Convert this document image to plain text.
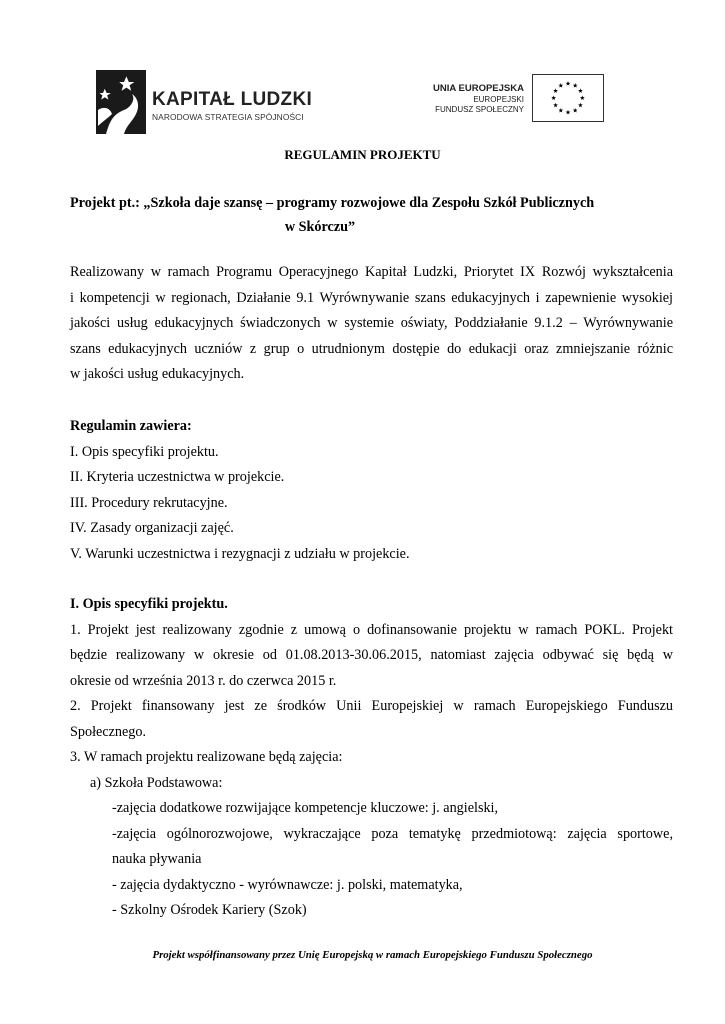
KAPITAŁ LUDZKI
NARODOWA STRATEGIA SPÓJNOŚCI
UNIA EUROPEJSKA
EUROPEJSKI
FUNDUSZ SPOŁECZNY
REGULAMIN PROJEKTU
Projekt pt.: „Szkoła daje szansę – programy rozwojowe dla Zespołu Szkół Publicznych
w Skórczu”
Realizowany w ramach Programu Operacyjnego Kapitał Ludzki, Priorytet IX Rozwój wykształcenia
i kompetencji w regionach, Działanie 9.1 Wyrównywanie szans edukacyjnych i zapewnienie wysokiej
jakości usług edukacyjnych świadczonych w systemie oświaty, Poddziałanie 9.1.2 – Wyrównywanie
szans edukacyjnych uczniów z grup o utrudnionym dostępie do edukacji oraz zmniejszanie różnic
w jakości usług edukacyjnych.
Regulamin zawiera:
I. Opis specyfiki projektu.
II. Kryteria uczestnictwa w projekcie.
III. Procedury rekrutacyjne.
IV. Zasady organizacji zajęć.
V. Warunki uczestnictwa i rezygnacji z udziału w projekcie.
I. Opis specyfiki projektu.
1. Projekt jest realizowany zgodnie z umową o dofinansowanie projektu w ramach POKL. Projekt
będzie realizowany w okresie od 01.08.2013-30.06.2015, natomiast zajęcia odbywać się będą w
okresie od września 2013 r. do czerwca 2015 r.
2. Projekt finansowany jest ze środków Unii Europejskiej w ramach Europejskiego Funduszu
Społecznego.
3. W ramach projektu realizowane będą zajęcia:
a) Szkoła Podstawowa:
-zajęcia dodatkowe rozwijające kompetencje kluczowe: j. angielski,
-zajęcia ogólnorozwojowe, wykraczające poza tematykę przedmiotową: zajęcia sportowe,
nauka pływania
- zajęcia dydaktyczno - wyrównawcze: j. polski, matematyka,
- Szkolny Ośrodek Kariery (Szok)
Projekt współfinansowany przez Unię Europejską w ramach Europejskiego Funduszu Społecznego
